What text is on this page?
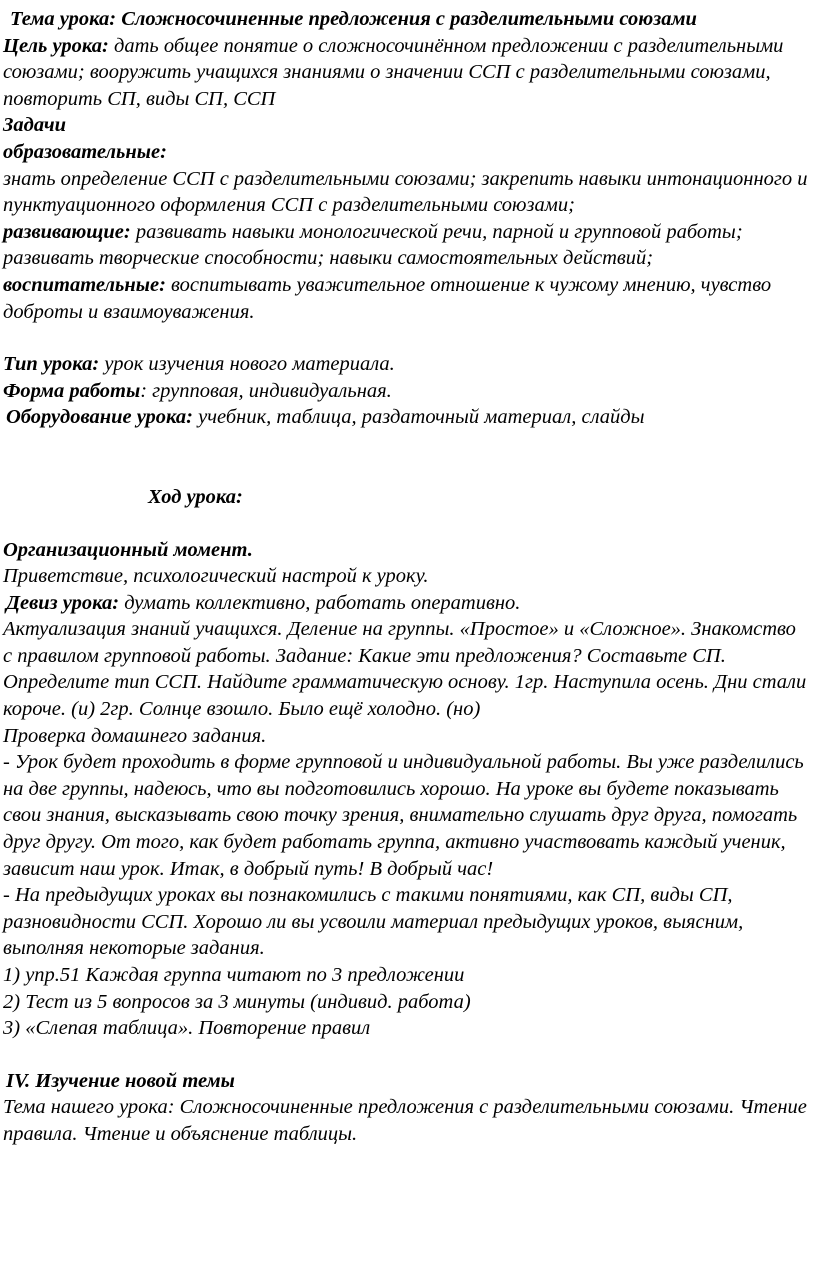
Тема урока: Сложносочиненные предложения с разделительными союзами

Цель урока: дать общее понятие о сложносочинённом предложении с разделительными союзами; вооружить учащихся знаниями о значении ССП с разделительными союзами, повторить СП, виды СП, ССП

Задачи

образовательные:

знать определение ССП с разделительными союзами; закрепить навыки интонационного и пунктуационного оформления ССП с разделительными союзами;

развивающие: развивать навыки монологической речи, парной и групповой работы;

развивать творческие способности; навыки самостоятельных действий;

воспитательные: воспитывать уважительное отношение к чужому мнению, чувство доброты и взаимоуважения.

Тип урока: урок изучения нового материала.

Форма работы: групповая, индивидуальная.

Оборудование урока: учебник, таблица, раздаточный материал, слайды

Ход урока:

Организационный момент.

Приветствие, психологический настрой к уроку.

Девиз урока: думать коллективно, работать оперативно.

Актуализация знаний учащихся. Деление на группы. «Простое» и «Сложное». Знакомство с правилом групповой работы. Задание: Какие эти предложения? Составьте СП. Определите тип ССП. Найдите грамматическую основу. 1гр. Наступила осень. Дни стали короче. (и) 2гр. Солнце взошло. Было ещё холодно. (но)

Проверка домашнего задания.

- Урок будет проходить в форме групповой и индивидуальной работы. Вы уже разделились на две группы, надеюсь, что вы подготовились хорошо. На уроке вы будете показывать свои знания, высказывать свою точку зрения, внимательно слушать друг друга, помогать друг другу. От того, как будет работать группа, активно участвовать каждый ученик, зависит наш урок. Итак, в добрый путь! В добрый час!

- На предыдущих уроках вы познакомились с такими понятиями, как СП, виды СП, разновидности ССП. Хорошо ли вы усвоили материал предыдущих уроков, выясним, выполняя некоторые задания.

1) упр.51 Каждая группа читают по 3 предложении

2) Тест из 5 вопросов за 3 минуты (индивид. работа)

3) «Слепая таблица». Повторение правил

IV. Изучение новой темы

Тема нашего урока: Сложносочиненные предложения с разделительными союзами. Чтение правила. Чтение и объяснение таблицы.
